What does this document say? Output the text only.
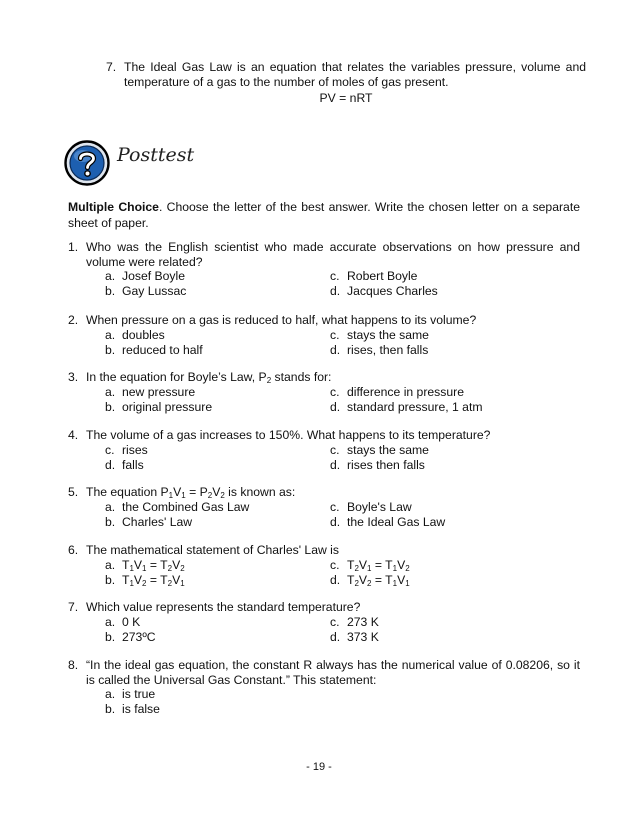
7. The Ideal Gas Law is an equation that relates the variables pressure, volume and temperature of a gas to the number of moles of gas present.
PV = nRT
Posttest
Multiple Choice. Choose the letter of the best answer. Write the chosen letter on a separate sheet of paper.
1. Who was the English scientist who made accurate observations on how pressure and volume were related?
a. Josef Boyle	c. Robert Boyle
b. Gay Lussac	d. Jacques Charles
2. When pressure on a gas is reduced to half, what happens to its volume?
a. doubles	c. stays the same
b. reduced to half	d. rises, then falls
3. In the equation for Boyle’s Law, $P_2$ stands for:
a. new pressure	c. difference in pressure
b. original pressure	d. standard pressure, 1 atm
4. The volume of a gas increases to 150%. What happens to its temperature?
c. rises	c. stays the same
d. falls	d. rises then falls
5. The equation $P_1V_1 = P_2V_2$ is known as:
a. the Combined Gas Law	c. Boyle's Law
b. Charles' Law	d. the Ideal Gas Law
6. The mathematical statement of Charles' Law is
a. $T_1V_1 = T_2V_2$	c. $T_2V_1 = T_1V_2$
b. $T_1V_2 = T_2V_1$	d. $T_2V_2 = T_1V_1$
7. Which value represents the standard temperature?
a. 0 K	c. 273 K
b. 273ºC	d. 373 K
8. “In the ideal gas equation, the constant R always has the numerical value of 0.08206, so it is called the Universal Gas Constant.” This statement:
a. is true
b. is false
- 19 -
